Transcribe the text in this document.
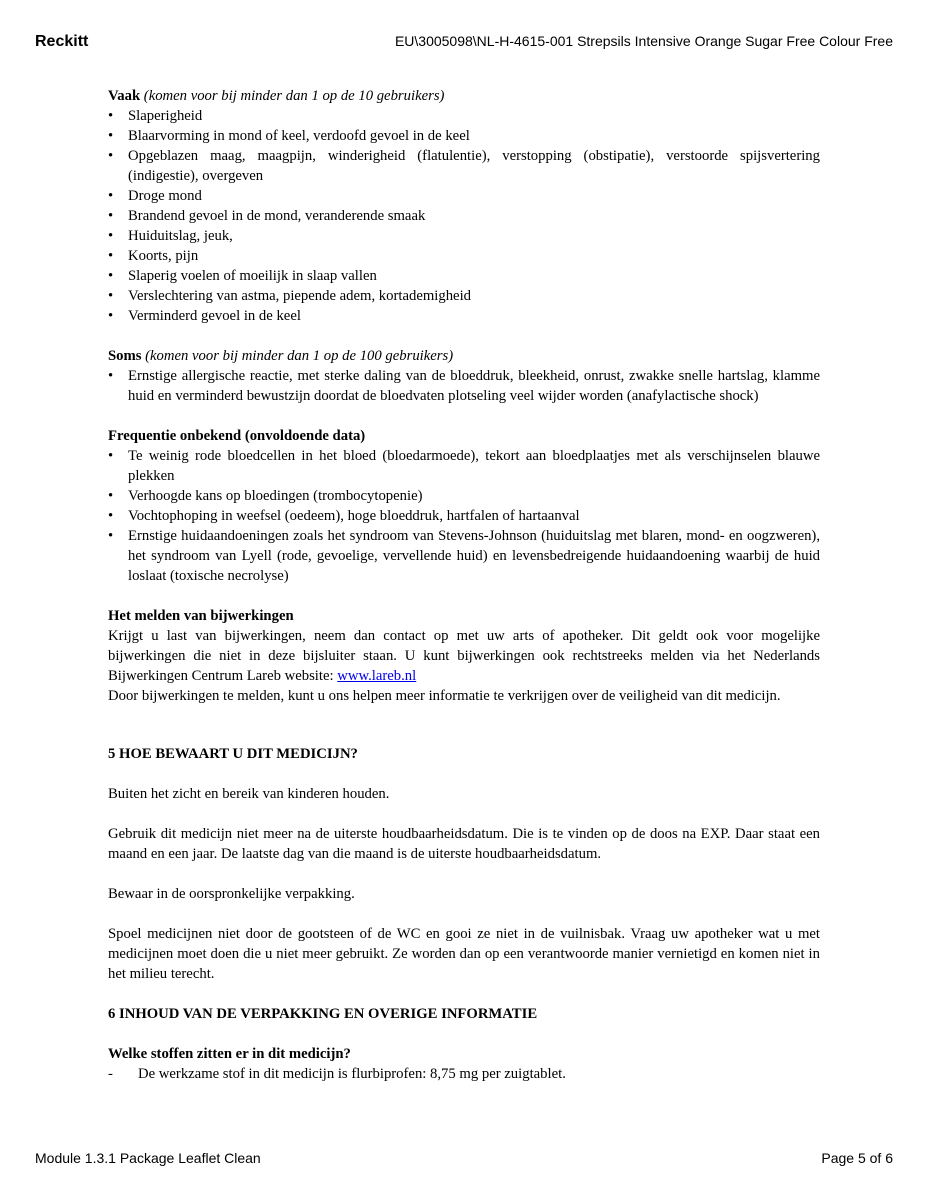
Reckitt	EU\3005098\NL-H-4615-001 Strepsils Intensive Orange Sugar Free Colour Free

Vaak (komen voor bij minder dan 1 op de 10 gebruikers)

• Slaperigheid
• Blaarvorming in mond of keel, verdoofd gevoel in de keel
• Opgeblazen maag, maagpijn, winderigheid (flatulentie), verstopping (obstipatie), verstoorde spijsvertering (indigestie), overgeven
• Droge mond
• Brandend gevoel in de mond, veranderende smaak
• Huiduitslag, jeuk,
• Koorts, pijn
• Slaperig voelen of moeilijk in slaap vallen
• Verslechtering van astma, piepende adem, kortademigheid
• Verminderd gevoel in de keel

Soms (komen voor bij minder dan 1 op de 100 gebruikers)

• Ernstige allergische reactie, met sterke daling van de bloeddruk, bleekheid, onrust, zwakke snelle hartslag, klamme huid en verminderd bewustzijn doordat de bloedvaten plotseling veel wijder worden (anafylactische shock)

Frequentie onbekend (onvoldoende data)

• Te weinig rode bloedcellen in het bloed (bloedarmoede), tekort aan bloedplaatjes met als verschijnselen blauwe plekken
• Verhoogde kans op bloedingen (trombocytopenie)
• Vochtophoping in weefsel (oedeem), hoge bloeddruk, hartfalen of hartaanval
• Ernstige huidaandoeningen zoals het syndroom van Stevens-Johnson (huiduitslag met blaren, mond- en oogzweren), het syndroom van Lyell (rode, gevoelige, vervellende huid) en levensbedreigende huidaandoening waarbij de huid loslaat (toxische necrolyse)

Het melden van bijwerkingen

Krijgt u last van bijwerkingen, neem dan contact op met uw arts of apotheker. Dit geldt ook voor mogelijke bijwerkingen die niet in deze bijsluiter staan. U kunt bijwerkingen ook rechtstreeks melden via het Nederlands Bijwerkingen Centrum Lareb website: www.lareb.nl

Door bijwerkingen te melden, kunt u ons helpen meer informatie te verkrijgen over de veiligheid van dit medicijn.

5 HOE BEWAART U DIT MEDICIJN?

Buiten het zicht en bereik van kinderen houden.

Gebruik dit medicijn niet meer na de uiterste houdbaarheidsdatum. Die is te vinden op de doos na EXP. Daar staat een maand en een jaar. De laatste dag van die maand is de uiterste houdbaarheidsdatum.

Bewaar in de oorspronkelijke verpakking.

Spoel medicijnen niet door de gootsteen of de WC en gooi ze niet in de vuilnisbak. Vraag uw apotheker wat u met medicijnen moet doen die u niet meer gebruikt. Ze worden dan op een verantwoorde manier vernietigd en komen niet in het milieu terecht.

6 INHOUD VAN DE VERPAKKING EN OVERIGE INFORMATIE

Welke stoffen zitten er in dit medicijn?

- De werkzame stof in dit medicijn is flurbiprofen: 8,75 mg per zuigtablet.
Module 1.3.1 Package Leaflet Clean	Page 5 of 6
